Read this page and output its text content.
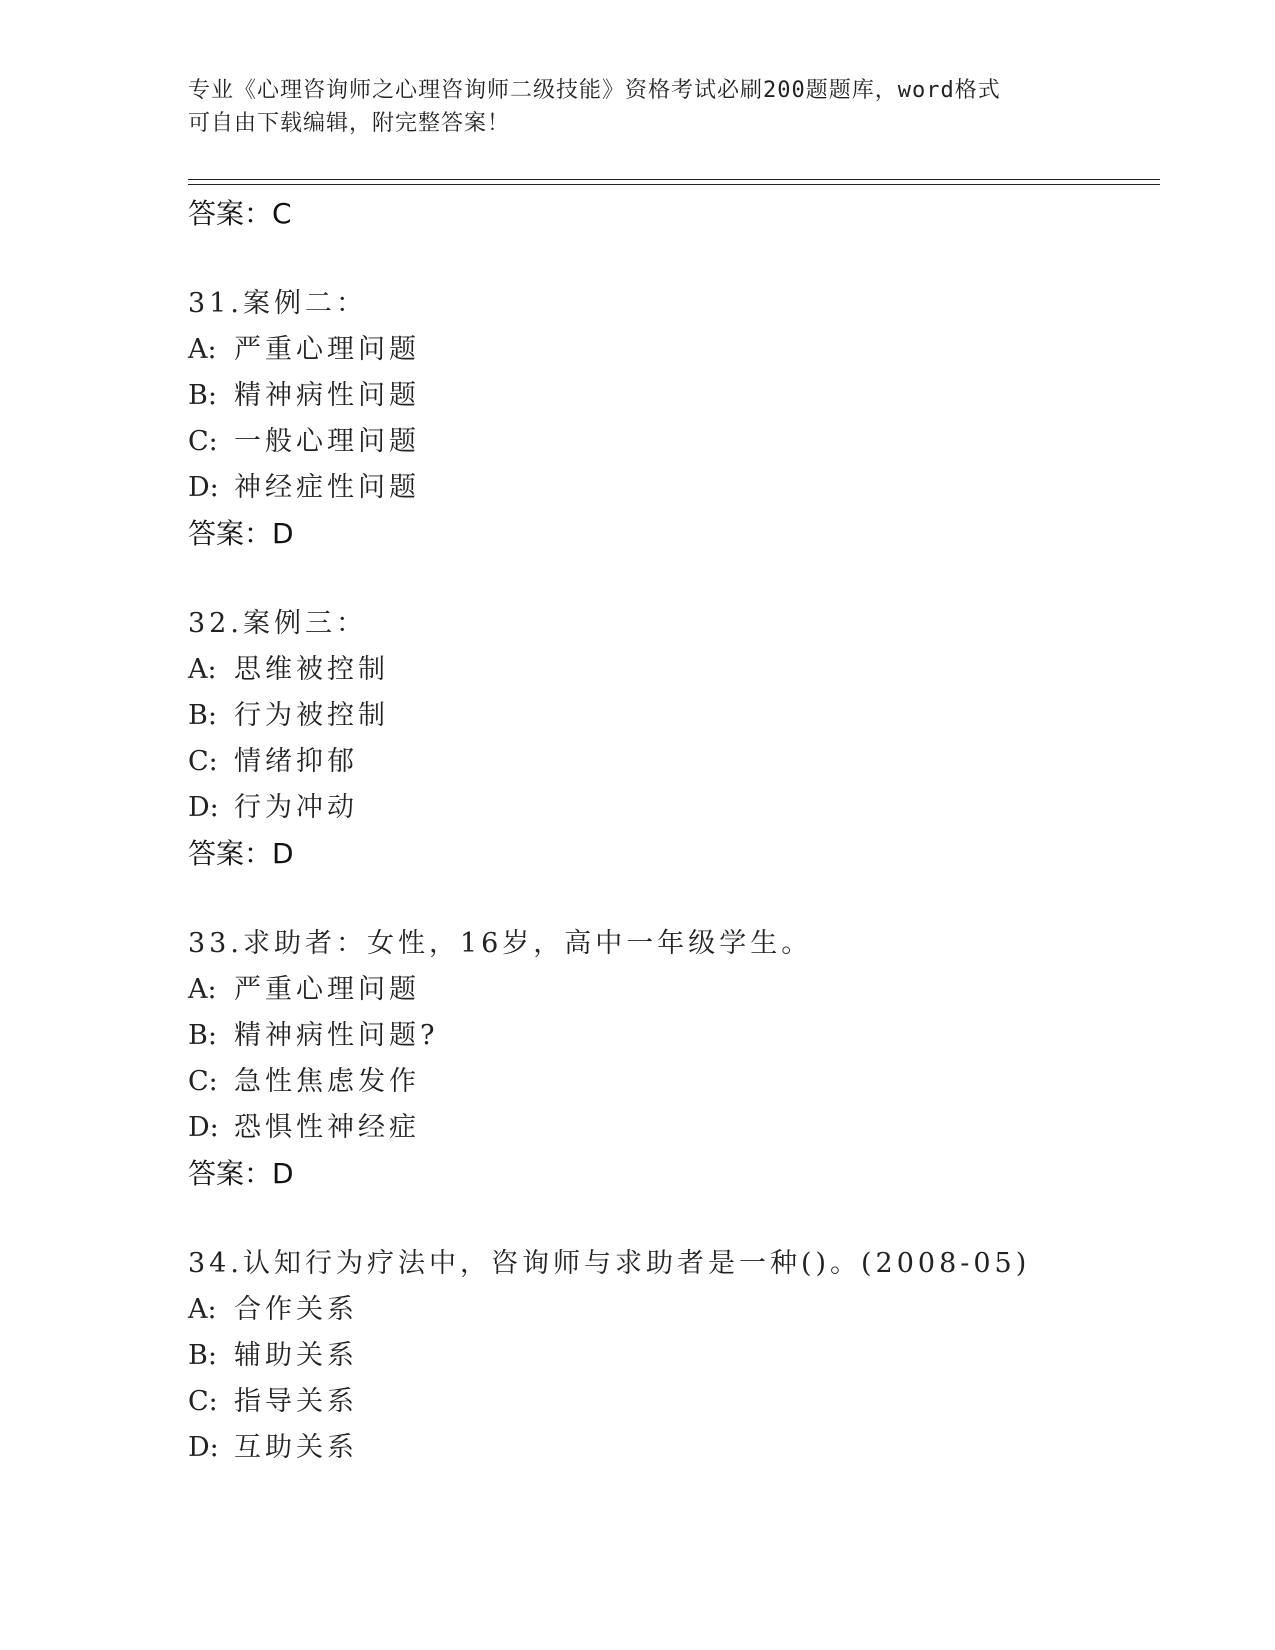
专业《心理咨询师之心理咨询师二级技能》资格考试必刷200题题库，word格式
可自由下载编辑，附完整答案！
答案：C
31.案例二：
A: 严重心理问题
B: 精神病性问题
C: 一般心理问题
D: 神经症性问题
答案：D
32.案例三：
A: 思维被控制
B: 行为被控制
C: 情绪抑郁
D: 行为冲动
答案：D
33.求助者：女性，16岁，高中一年级学生。
A: 严重心理问题
B: 精神病性问题?
C: 急性焦虑发作
D: 恐惧性神经症
答案：D
34.认知行为疗法中，咨询师与求助者是一种()。(2008-05)
A: 合作关系
B: 辅助关系
C: 指导关系
D: 互助关系
